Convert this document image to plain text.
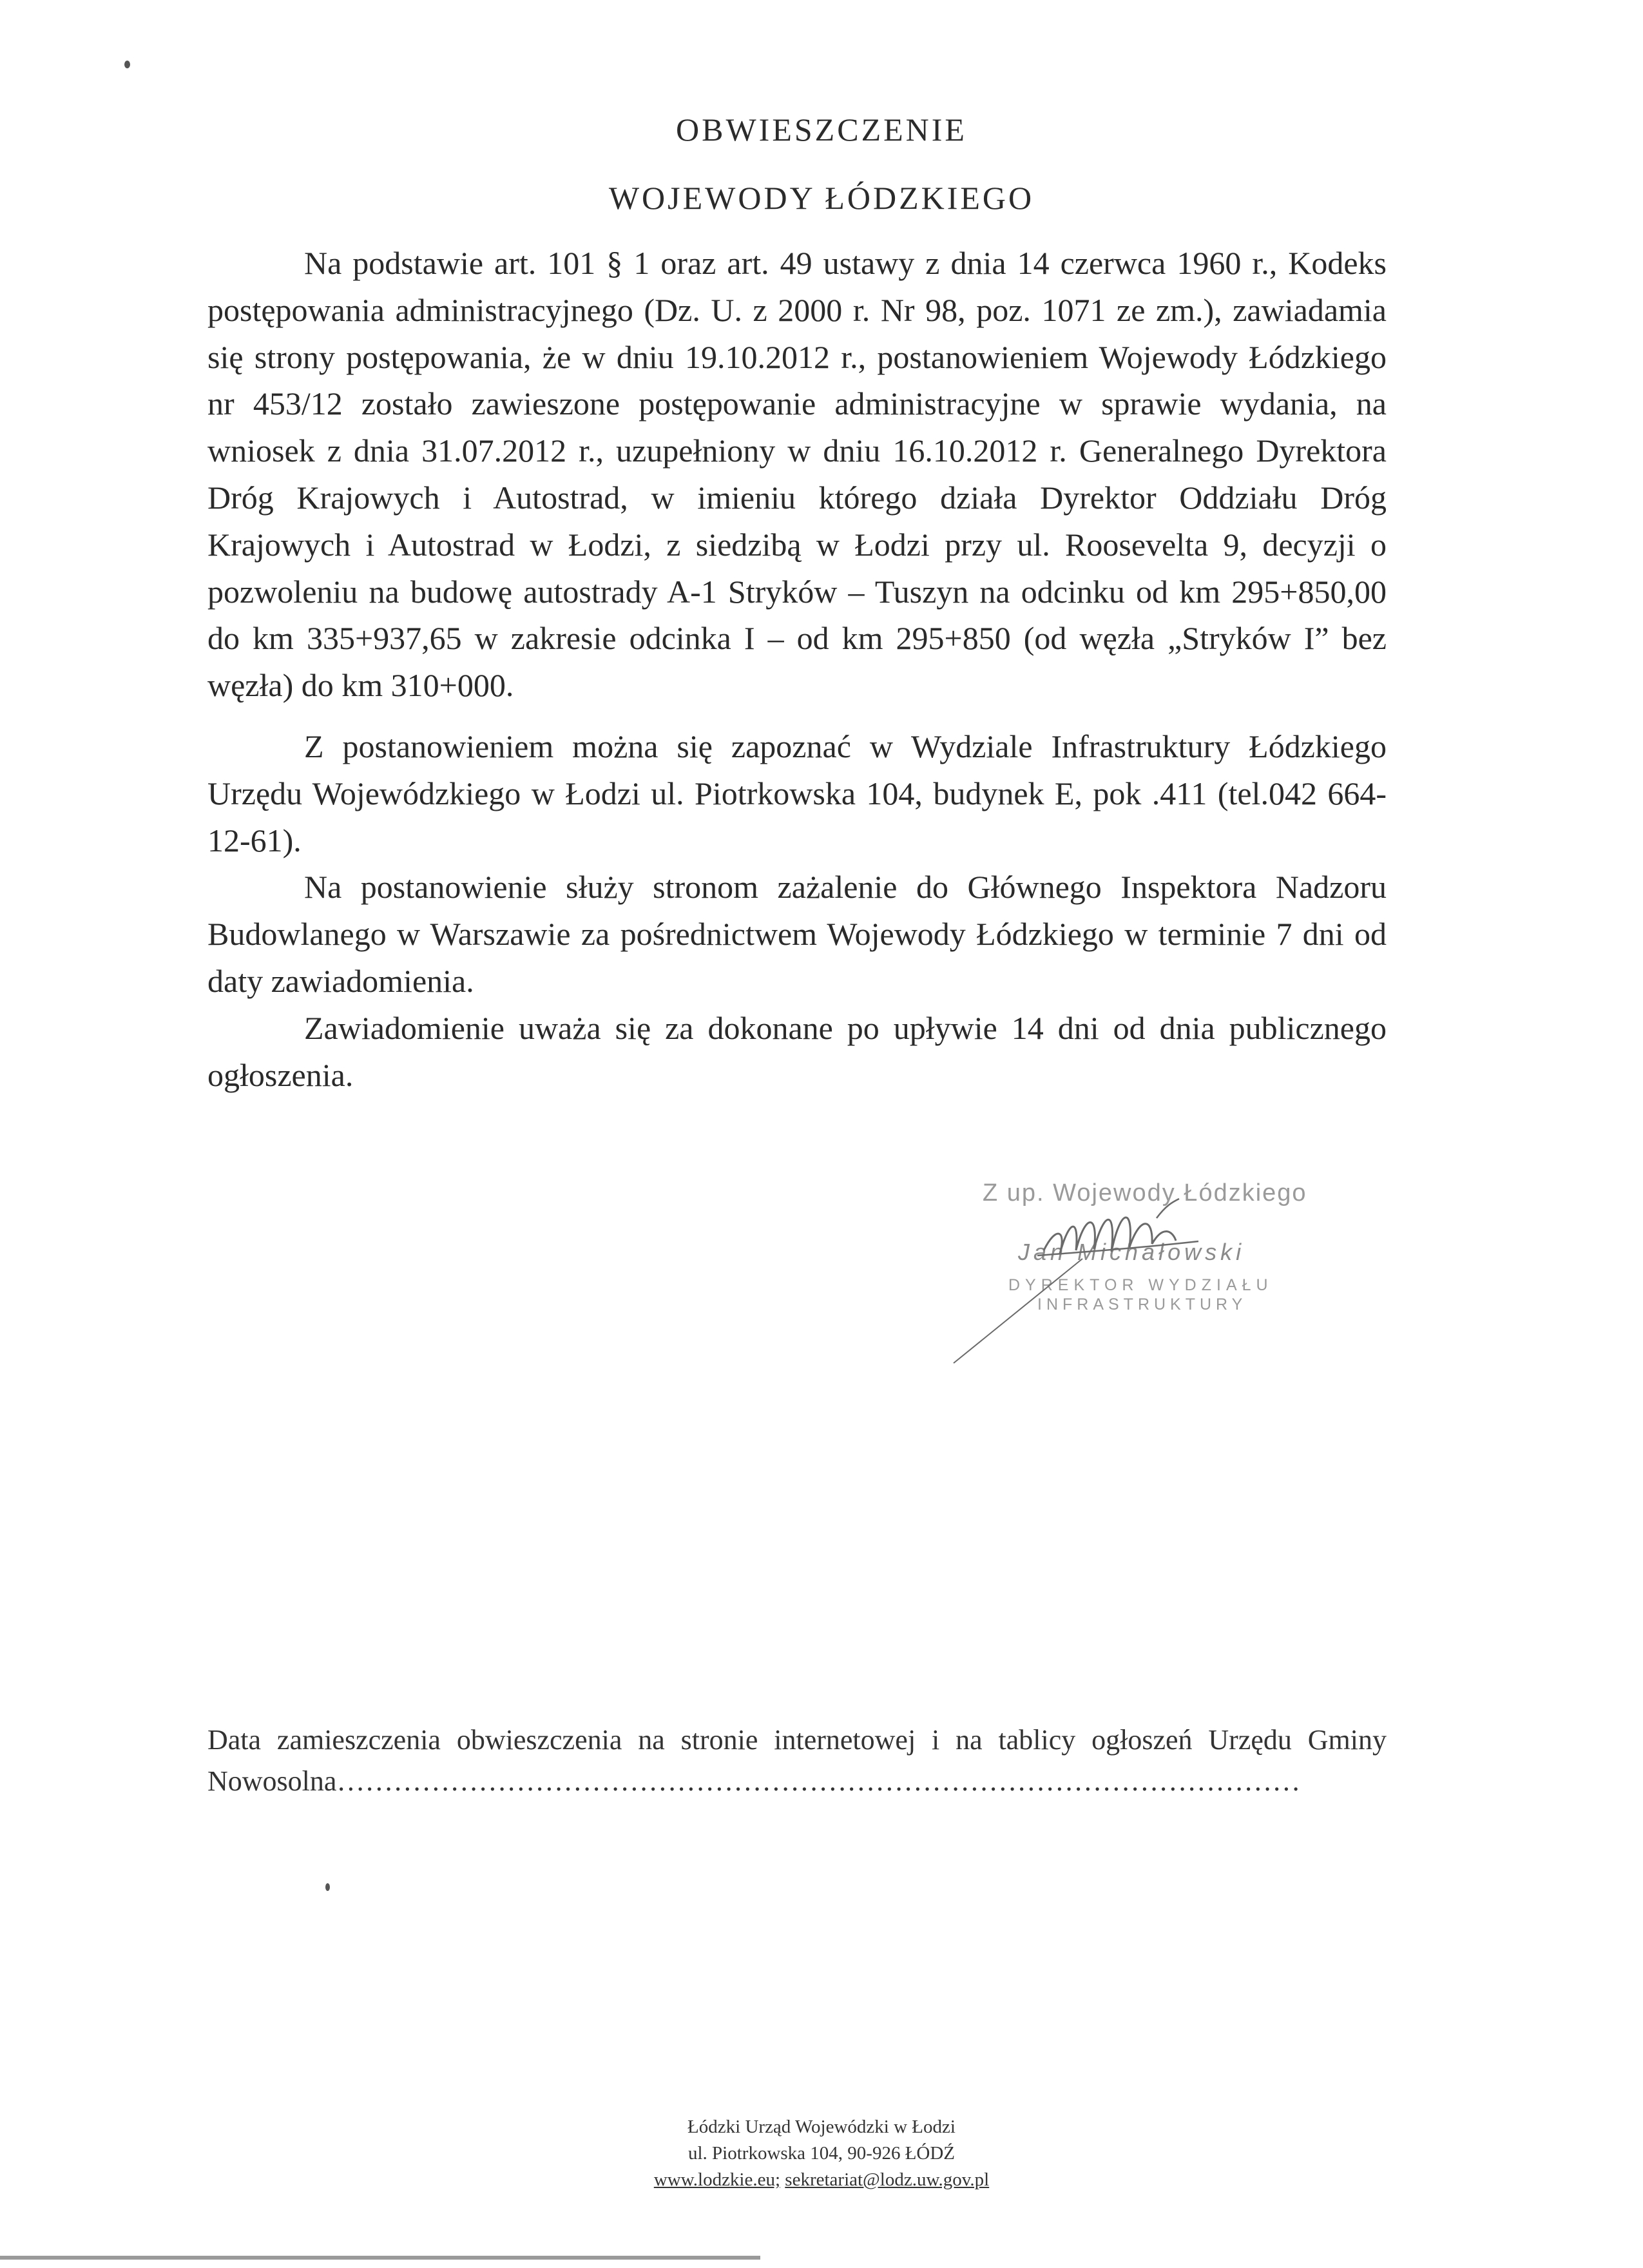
OBWIESZCZENIE
WOJEWODY ŁÓDZKIEGO

Na podstawie art. 101 § 1 oraz art. 49 ustawy z dnia 14 czerwca 1960 r., Kodeks postępowania administracyjnego (Dz. U. z 2000 r. Nr 98, poz. 1071 ze zm.), zawiadamia się strony postępowania, że w dniu 19.10.2012 r., postanowieniem Wojewody Łódzkiego nr 453/12 zostało zawieszone postępowanie administracyjne w sprawie wydania, na wniosek z dnia 31.07.2012 r., uzupełniony w dniu 16.10.2012 r. Generalnego Dyrektora Dróg Krajowych i Autostrad, w imieniu którego działa Dyrektor Oddziału Dróg Krajowych i Autostrad w Łodzi, z siedzibą w Łodzi przy ul. Roosevelta 9, decyzji o pozwoleniu na budowę autostrady A-1 Stryków – Tuszyn na odcinku od km 295+850,00 do km 335+937,65 w zakresie odcinka I – od km 295+850 (od węzła „Stryków I” bez węzła) do km 310+000.

Z postanowieniem można się zapoznać w Wydziale Infrastruktury Łódzkiego Urzędu Wojewódzkiego w Łodzi ul. Piotrkowska 104, budynek E, pok .411 (tel.042 664-12-61).

Na postanowienie służy stronom zażalenie do Głównego Inspektora Nadzoru Budowlanego w Warszawie za pośrednictwem Wojewody Łódzkiego w terminie 7 dni od daty zawiadomienia.

Zawiadomienie uważa się za dokonane po upływie 14 dni od dnia publicznego ogłoszenia.

Z up. Wojewody Łódzkiego
Jan Michałowski
DYREKTOR WYDZIAŁU
INFRASTRUKTURY
Data zamieszczenia obwieszczenia na stronie internetowej i na tablicy ogłoszeń Urzędu Gminy Nowosolna…………………………………………………………………………………………
Łódzki Urząd Wojewódzki w Łodzi
ul. Piotrkowska 104, 90-926 ŁÓDŹ
www.lodzkie.eu; sekretariat@lodz.uw.gov.pl
